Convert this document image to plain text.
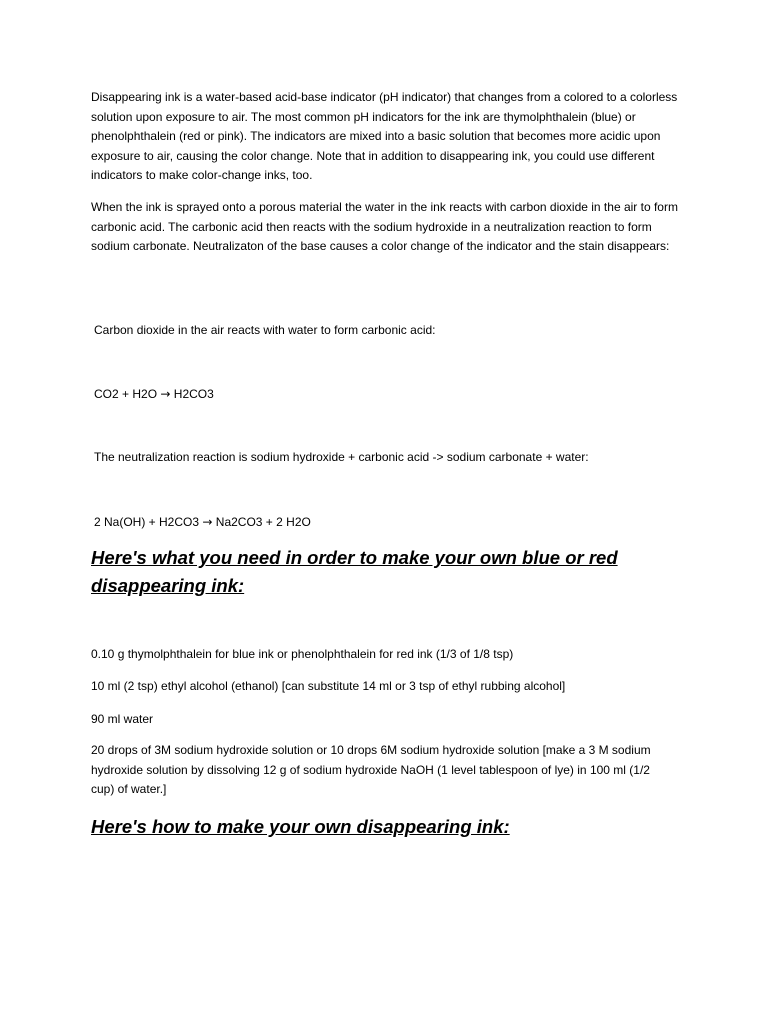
Disappearing ink is a water-based acid-base indicator (pH indicator) that changes from a colored to a colorless solution upon exposure to air. The most common pH indicators for the ink are thymolphthalein (blue) or phenolphthalein (red or pink). The indicators are mixed into a basic solution that becomes more acidic upon exposure to air, causing the color change. Note that in addition to disappearing ink, you could use different indicators to make color-change inks, too.

When the ink is sprayed onto a porous material the water in the ink reacts with carbon dioxide in the air to form carbonic acid. The carbonic acid then reacts with the sodium hydroxide in a neutralization reaction to form sodium carbonate. Neutralizaton of the base causes a color change of the indicator and the stain disappears:

Carbon dioxide in the air reacts with water to form carbonic acid:

CO2 + H2O → H2CO3

The neutralization reaction is sodium hydroxide + carbonic acid -> sodium carbonate + water:

2 Na(OH) + H2CO3 → Na2CO3 + 2 H2O

Here's what you need in order to make your own blue or red disappearing ink:

0.10 g thymolphthalein for blue ink or phenolphthalein for red ink (1/3 of 1/8 tsp)

10 ml (2 tsp) ethyl alcohol (ethanol) [can substitute 14 ml or 3 tsp of ethyl rubbing alcohol]

90 ml water

20 drops of 3M sodium hydroxide solution or 10 drops 6M sodium hydroxide solution [make a 3 M sodium hydroxide solution by dissolving 12 g of sodium hydroxide NaOH (1 level tablespoon of lye) in 100 ml (1/2 cup) of water.]

Here's how to make your own disappearing ink:
